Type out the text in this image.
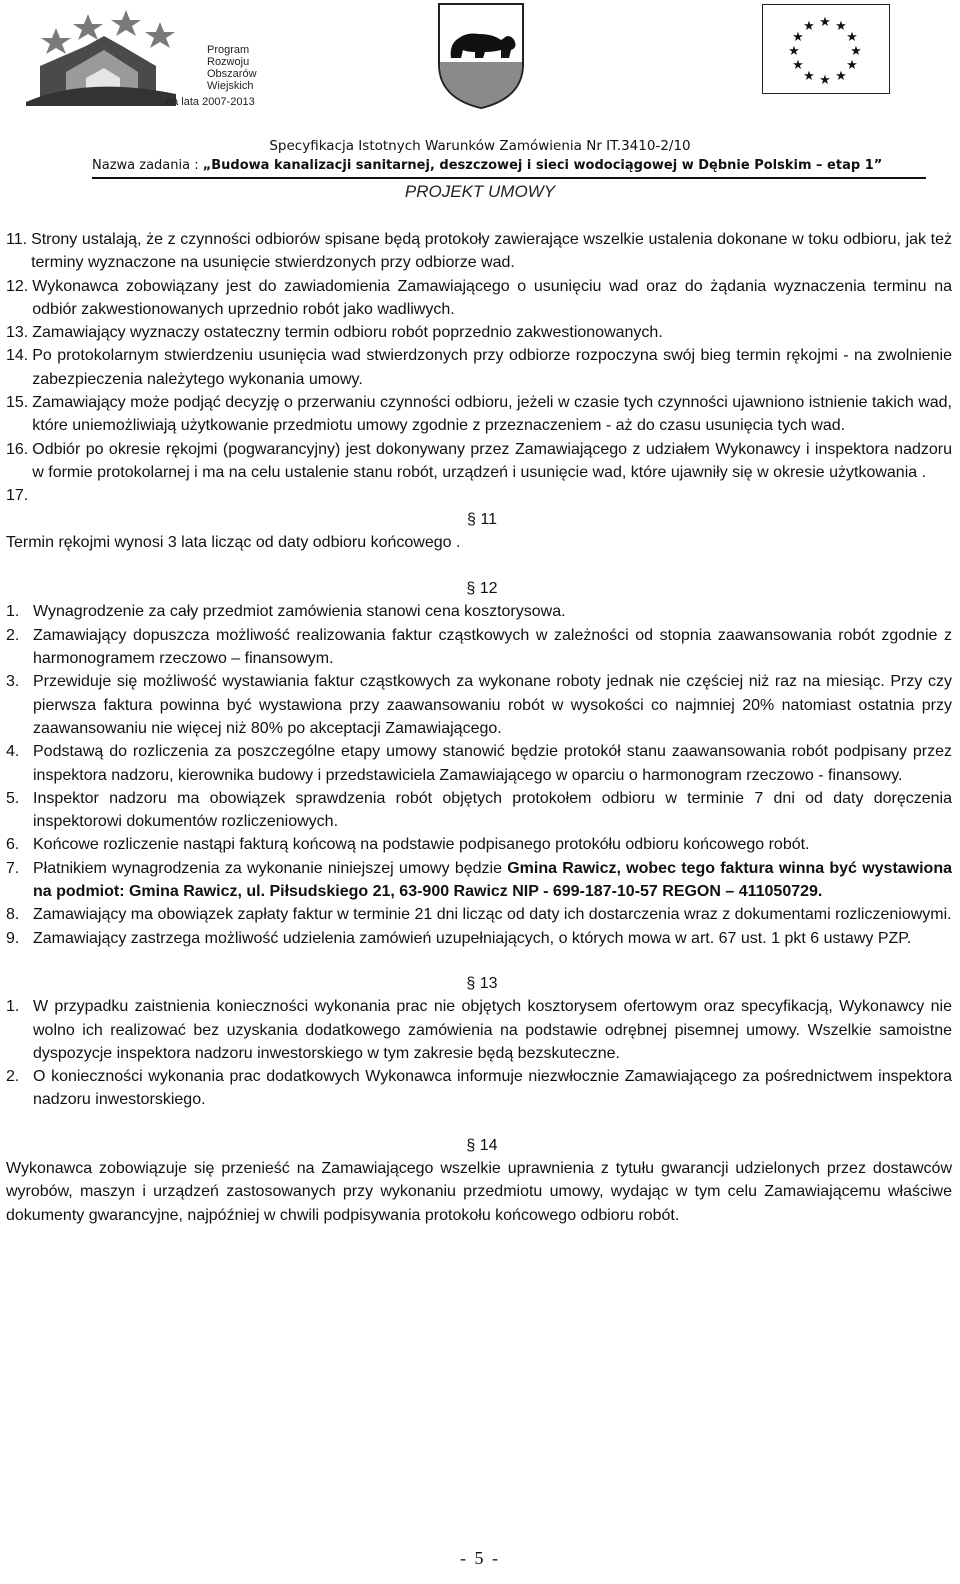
Program
Rozwoju
Obszarów
Wiejskich
na lata 2007-2013
★ ★
★
★
★
★
★
★
★
★
★
★
Specyfikacja Istotnych Warunków Zamówienia Nr IT.3410-2/10
Nazwa zadania : „Budowa kanalizacji sanitarnej, deszczowej i sieci wodociągowej w Dębnie Polskim – etap 1”
PROJEKT UMOWY
11. Strony ustalają, że z czynności odbiorów spisane będą protokoły zawierające wszelkie ustalenia dokonane w toku odbioru, jak też terminy wyznaczone na usunięcie stwierdzonych przy odbiorze wad.
12. Wykonawca zobowiązany jest do zawiadomienia Zamawiającego o usunięciu wad oraz do żądania wyznaczenia terminu na odbiór zakwestionowanych uprzednio robót jako wadliwych.
13. Zamawiający wyznaczy ostateczny termin odbioru robót poprzednio zakwestionowanych.
14. Po protokolarnym stwierdzeniu usunięcia wad stwierdzonych przy odbiorze rozpoczyna swój bieg termin rękojmi - na zwolnienie zabezpieczenia należytego wykonania umowy.
15. Zamawiający może podjąć decyzję o przerwaniu czynności odbioru, jeżeli w czasie tych czynności ujawniono istnienie takich wad, które uniemożliwiają użytkowanie przedmiotu umowy zgodnie z przeznaczeniem - aż do czasu usunięcia tych wad.
16. Odbiór po okresie rękojmi (pogwarancyjny) jest dokonywany przez Zamawiającego z udziałem Wykonawcy i inspektora nadzoru w formie protokolarnej i ma na celu ustalenie stanu robót, urządzeń i usunięcie wad, które ujawniły się w okresie użytkowania .
17.
§ 11
Termin rękojmi wynosi 3 lata licząc od daty odbioru końcowego .
§ 12
1. Wynagrodzenie za cały przedmiot zamówienia stanowi cena kosztorysowa.
2. Zamawiający dopuszcza możliwość realizowania faktur cząstkowych w zależności od stopnia zaawansowania robót zgodnie z harmonogramem rzeczowo – finansowym.
3. Przewiduje się możliwość wystawiania faktur cząstkowych za wykonane roboty jednak nie częściej niż raz na miesiąc. Przy czy pierwsza faktura powinna być wystawiona przy zaawansowaniu robót w wysokości co najmniej 20% natomiast ostatnia przy zaawansowaniu nie więcej niż 80% po akceptacji Zamawiającego.
4. Podstawą do rozliczenia za poszczególne etapy umowy stanowić będzie protokół stanu zaawansowania robót podpisany przez inspektora nadzoru, kierownika budowy i przedstawiciela Zamawiającego w oparciu o harmonogram rzeczowo - finansowy.
5. Inspektor nadzoru ma obowiązek sprawdzenia robót objętych protokołem odbioru w terminie 7 dni od daty doręczenia inspektorowi dokumentów rozliczeniowych.
6. Końcowe rozliczenie nastąpi fakturą końcową na podstawie podpisanego protokółu odbioru końcowego robót.
7. Płatnikiem wynagrodzenia za wykonanie niniejszej umowy będzie Gmina Rawicz, wobec tego faktura winna być wystawiona na podmiot: Gmina Rawicz, ul. Piłsudskiego 21, 63-900 Rawicz NIP - 699-187-10-57 REGON – 411050729.
8. Zamawiający ma obowiązek zapłaty faktur w terminie 21 dni licząc od daty ich dostarczenia wraz z dokumentami rozliczeniowymi.
9. Zamawiający zastrzega możliwość udzielenia zamówień uzupełniających, o których mowa w art. 67 ust. 1 pkt 6 ustawy PZP.
§ 13
1. W przypadku zaistnienia konieczności wykonania prac nie objętych kosztorysem ofertowym oraz specyfikacją, Wykonawcy nie wolno ich realizować bez uzyskania dodatkowego zamówienia na podstawie odrębnej pisemnej umowy. Wszelkie samoistne dyspozycje inspektora nadzoru inwestorskiego w tym zakresie będą bezskuteczne.
2. O konieczności wykonania prac dodatkowych Wykonawca informuje niezwłocznie Zamawiającego za pośrednictwem inspektora nadzoru inwestorskiego.
§ 14
Wykonawca zobowiązuje się przenieść na Zamawiającego wszelkie uprawnienia z tytułu gwarancji udzielonych przez dostawców wyrobów, maszyn i urządzeń zastosowanych przy wykonaniu przedmiotu umowy, wydając w tym celu Zamawiającemu właściwe dokumenty gwarancyjne, najpóźniej w chwili podpisywania protokołu końcowego odbioru robót.
- 5 -
